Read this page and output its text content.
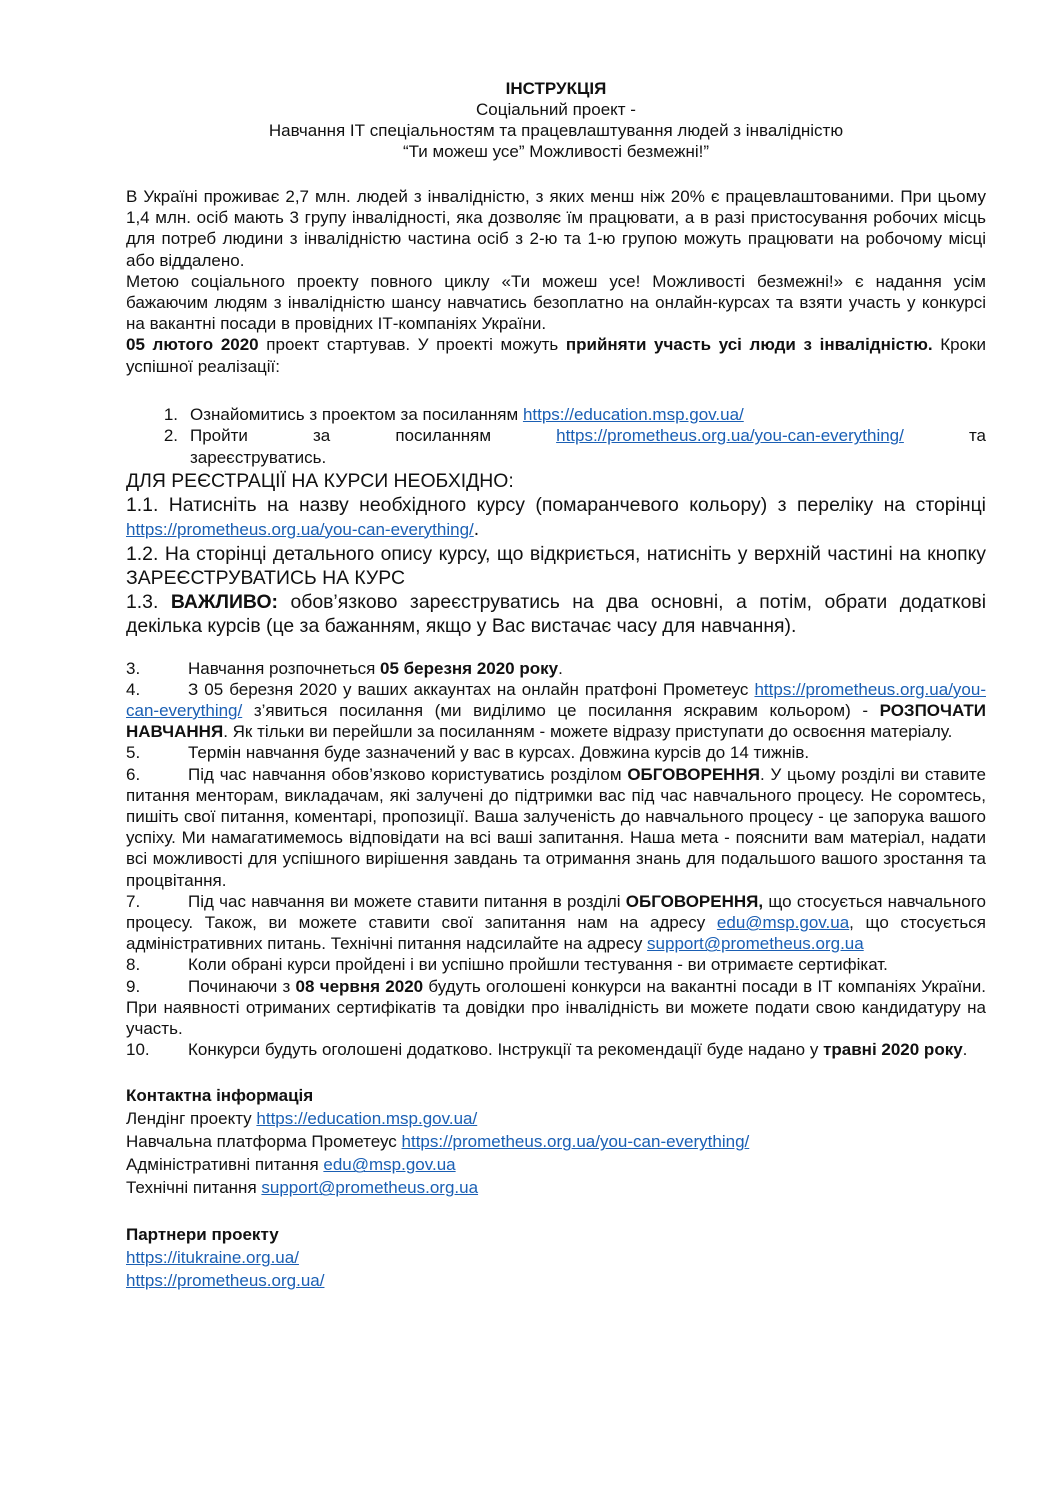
ІНСТРУКЦІЯ
Соціальний проект -
Навчання ІТ спеціальностям та працевлаштування людей з інвалідністю
“Ти можеш усе” Можливості безмежні!”

В Україні проживає 2,7 млн. людей з інвалідністю, з яких менш ніж 20% є працевлаштованими. При цьому 1,4 млн. осіб мають 3 групу інвалідності, яка дозволяє їм працювати, а в разі пристосування робочих місць для потреб людини з інвалідністю частина осіб з 2-ю та 1-ю групою можуть працювати на робочому місці або віддалено.

Метою соціального проекту повного циклу «Ти можеш усе! Можливості безмежні!» є надання усім бажаючим людям з інвалідністю шансу навчатись безоплатно на онлайн-курсах та взяти участь у конкурсі на вакантні посади в провідних ІТ-компаніях України.

05 лютого 2020 проект стартував. У проекті можуть прийняти участь усі люди з інвалідністю. Кроки успішної реалізації:

1. Ознайомитись з проектом за посиланням https://education.msp.gov.ua/
2. Пройти за посиланням https://prometheus.org.ua/you-can-everything/ та зареєструватись.

ДЛЯ РЕЄСТРАЦІЇ НА КУРСИ НЕОБХІДНО:

1.1. Натисніть на назву необхідного курсу (помаранчевого кольору) з переліку на сторінці https://prometheus.org.ua/you-can-everything/.

1.2. На сторінці детального опису курсу, що відкриється, натисніть у верхній частині на кнопку ЗАРЕЄСТРУВАТИСЬ НА КУРС

1.3. ВАЖЛИВО: обов’язково зареєструватись на два основні, а потім, обрати додаткові декілька курсів (це за бажанням, якщо у Вас вистачає часу для навчання).

3.	Навчання розпочнеться 05 березня 2020 року.

4.	З 05 березня 2020 у ваших аккаунтах на онлайн пратфоні Прометеус https://prometheus.org.ua/you-can-everything/ з’явиться посилання (ми виділимо це посилання яскравим кольором) - РОЗПОЧАТИ НАВЧАННЯ. Як тільки ви перейшли за посиланням - можете відразу приступати до освоєння матеріалу.

5.	Термін навчання буде зазначений у вас в курсах. Довжина курсів до 14 тижнів.

6.	Під час навчання обов’язково користуватись розділом ОБГОВОРЕННЯ. У цьому розділі ви ставите питання менторам, викладачам, які залучені до підтримки вас під час навчального процесу. Не соромтесь, пишіть свої питання, коментарі, пропозиції. Ваша залученість до навчального процесу - це запорука вашого успіху. Ми намагатимемось відповідати на всі ваші запитання. Наша мета - пояснити вам матеріал, надати всі можливості для успішного вирішення завдань та отримання знань для подальшого вашого зростання та процвітання.

7.	Під час навчання ви можете ставити питання в розділі ОБГОВОРЕННЯ, що стосується навчального процесу. Також, ви можете ставити свої запитання нам на адресу edu@msp.gov.ua, що стосується адміністративних питань. Технічні питання надсилайте на адресу support@prometheus.org.ua

8.	Коли обрані курси пройдені і ви успішно пройшли тестування - ви отримаєте сертифікат.

9.	Починаючи з 08 червня 2020 будуть оголошені конкурси на вакантні посади в ІТ компаніях України. При наявності отриманих сертифікатів та довідки про інвалідність ви можете подати свою кандидатуру на участь.

10. Конкурси будуть оголошені додатково. Інструкції та рекомендації буде надано у травні 2020 року.

Контактна інформація
Лендінг проекту https://education.msp.gov.ua/
Навчальна платформа Прометеус https://prometheus.org.ua/you-can-everything/
Адміністративні питання edu@msp.gov.ua
Технічні питання support@prometheus.org.ua
Партнери проекту
https://itukraine.org.ua/
https://prometheus.org.ua/
